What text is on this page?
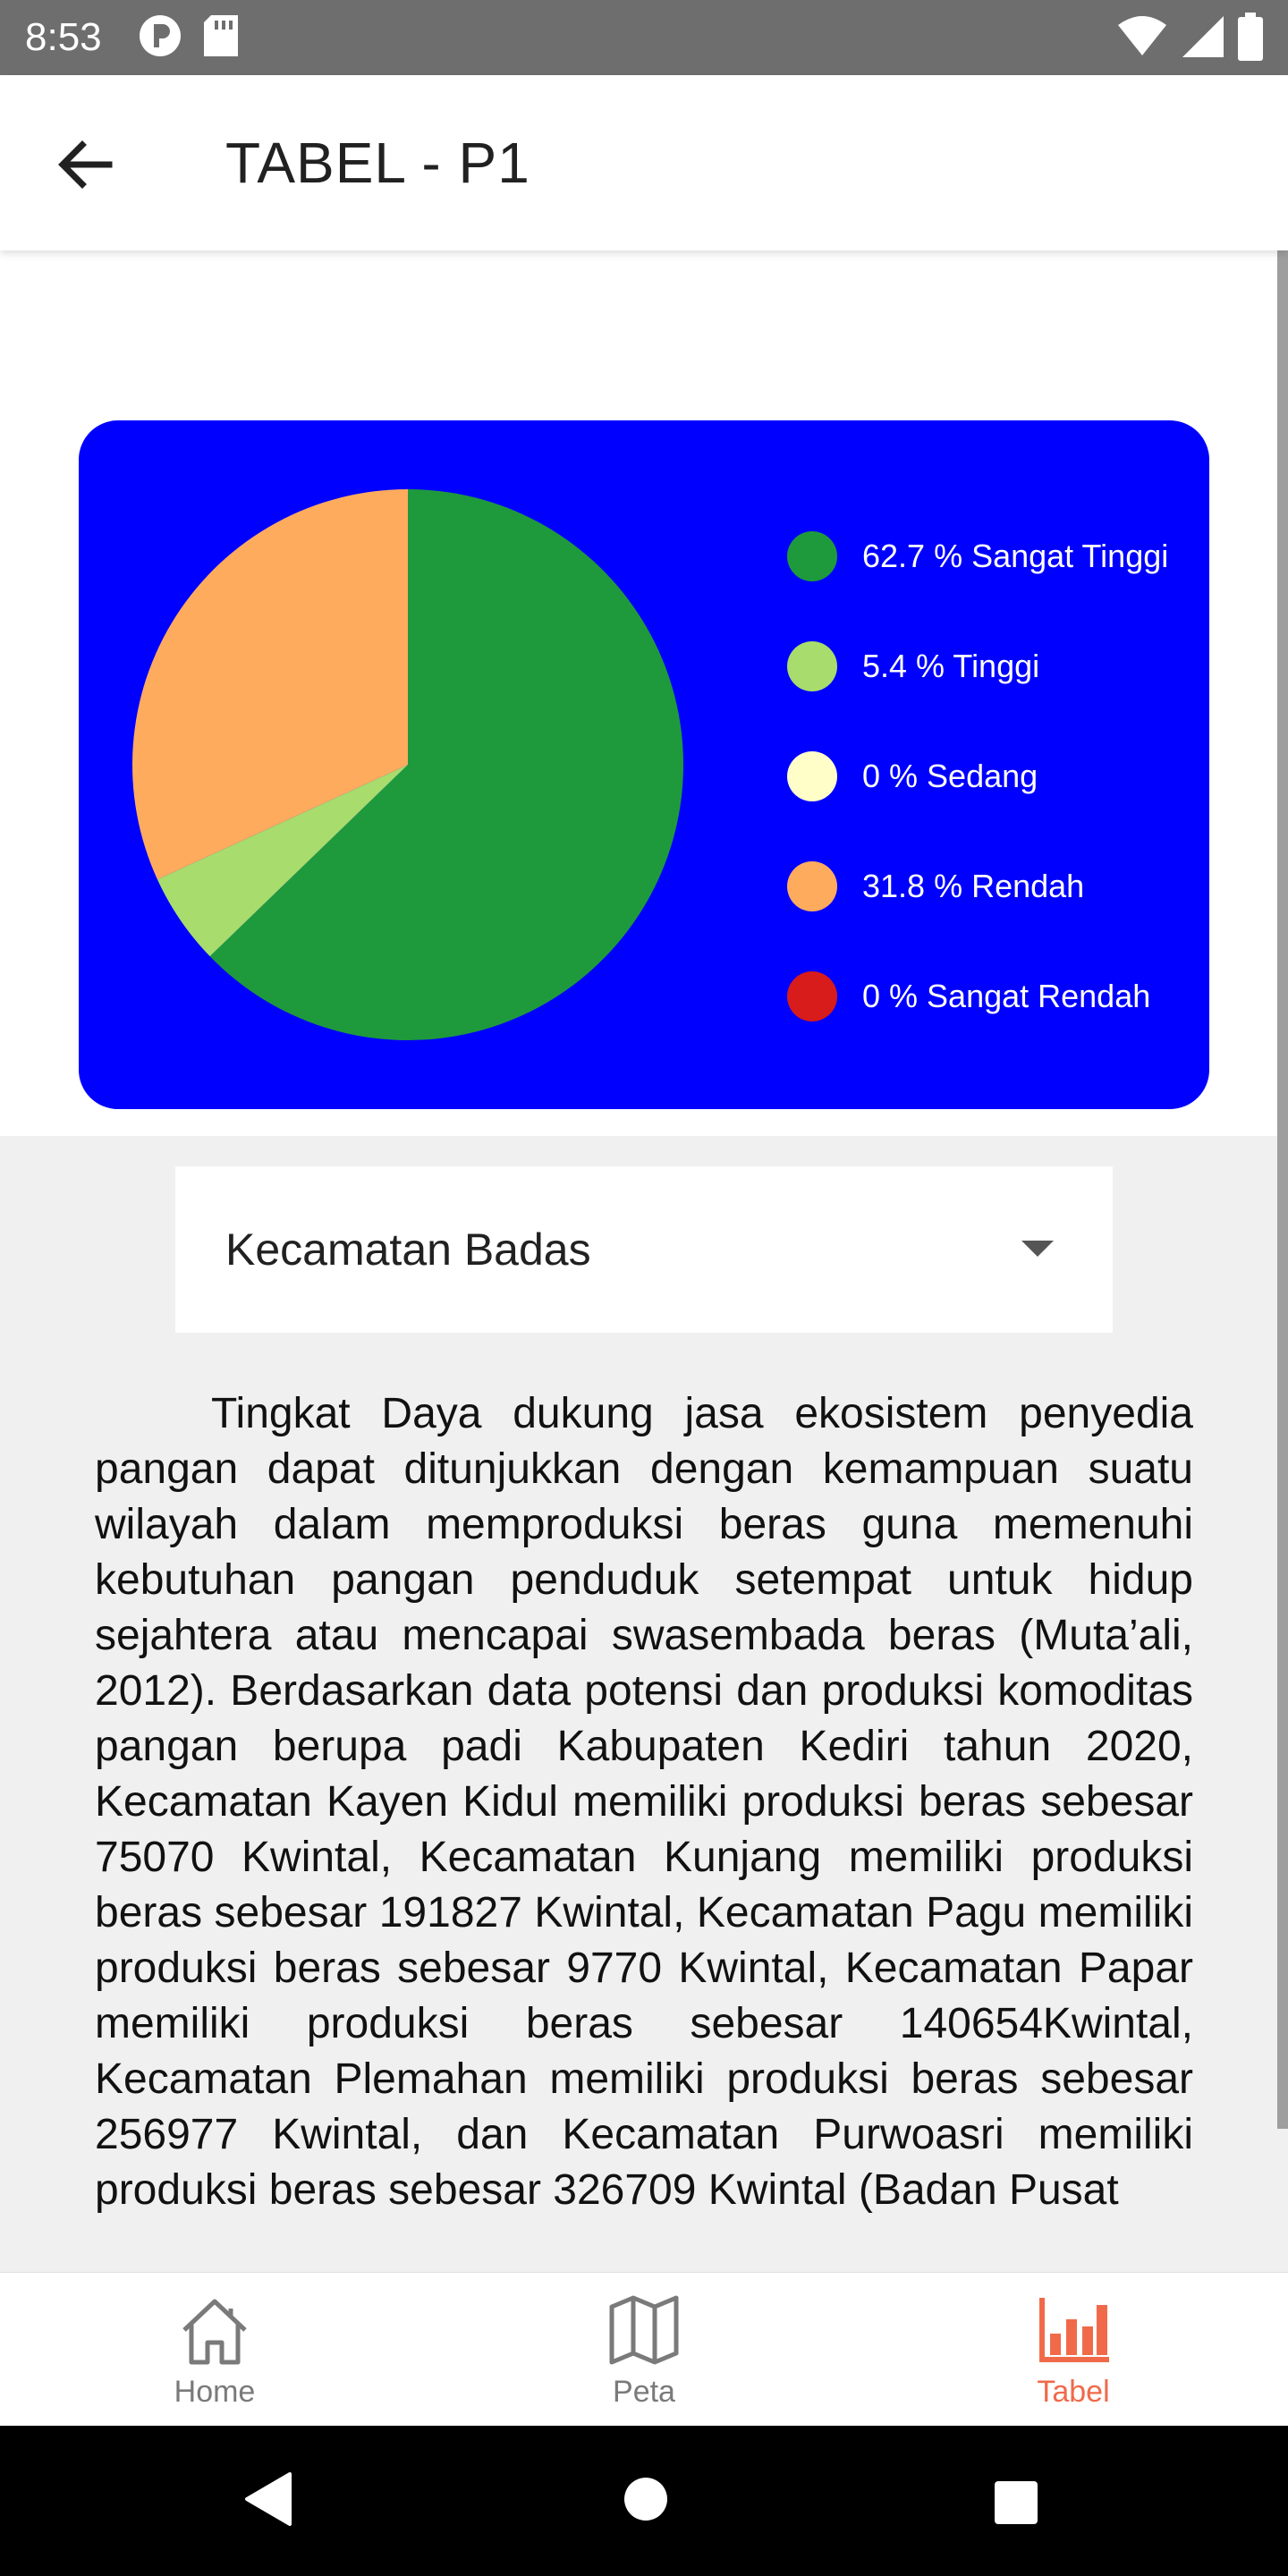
8:53
TABEL - P1
62.7 % Sangat Tinggi
5.4 % Tinggi
0 % Sedang
31.8 % Rendah
0 % Sangat Rendah
Kecamatan Badas

Tingkat Daya dukung jasa ekosistem penyedia pangan dapat ditunjukkan dengan kemampuan suatu wilayah dalam memproduksi beras guna memenuhi kebutuhan pangan penduduk setempat untuk hidup sejahtera atau mencapai swasembada beras (Muta’ali, 2012). Berdasarkan data potensi dan produksi komoditas pangan berupa padi Kabupaten Kediri tahun 2020, Kecamatan Kayen Kidul memiliki produksi beras sebesar 75070 Kwintal, Kecamatan Kunjang memiliki produksi beras sebesar 191827 Kwintal, Kecamatan Pagu memiliki produksi beras sebesar 9770 Kwintal, Kecamatan Papar memiliki produksi beras sebesar 140654Kwintal, Kecamatan Plemahan memiliki produksi beras sebesar 256977 Kwintal, dan Kecamatan Purwoasri memiliki produksi beras sebesar 326709 Kwintal (Badan Pusat

Home	Peta	Tabel
